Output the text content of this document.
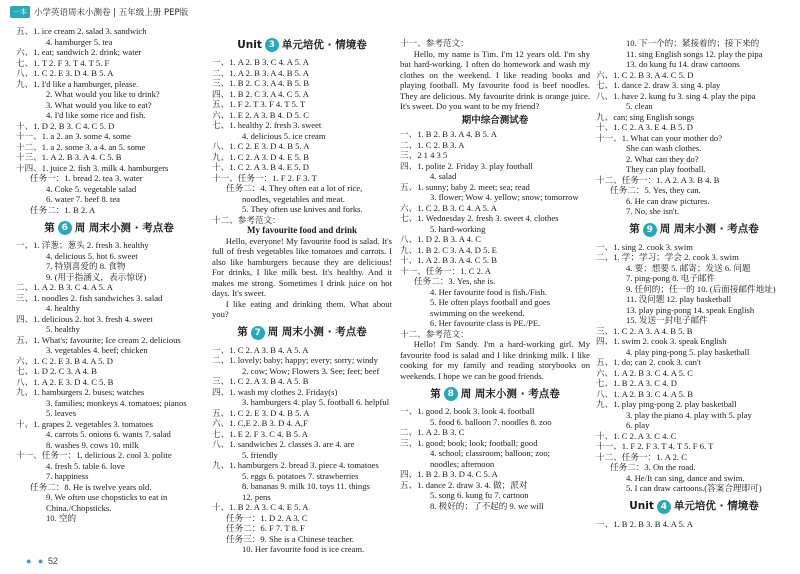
一本 小学英语周末小测卷 | 五年级上册 PEP版
五、1. ice cream 2. salad 3. sandwich
4. hamburger 5. tea
六、1. eat; sandwich 2. drink; water
七、1. T 2. F 3. T 4. T 5. F
八、1. C 2. E 3. D 4. B 5. A
九、1. I'd like a hamburger, please.
2. What would you like to drink?
3. What would you like to eat?
4. I'd like some rice and fish.
十、1. D 2. B 3. C 4. C 5. D
十一、1. a 2. an 3. some 4. some
十二、1. a 2. some 3. a 4. an 5. some
十三、1. A 2. B 3. A 4. C 5. B
十四、1. juice 2. fish 3. milk 4. hamburgers
任务一：1. bread 2. tea 3. water
4. Coke 5. vegetable salad
6. water 7. beef 8. tea
任务二：1. B 2. A
第 6 周 周末小测 · 考点卷
一、1. 洋葱；葱头 2. fresh 3. healthy
4. delicious 5. hot 6. sweet
7. 特别喜爱的 8. 食物
9. (用于指涵义，表示惊讶)
二、1. A 2. B 3. C 4. A 5. A
三、1. noodles 2. fish sandwiches 3. salad
4. healthy
四、1. delicious 2. hot 3. fresh 4. sweet
5. healthy
五、1. What's; favourite; Ice cream 2. delicious
3. vegetables 4. beef; chicken
六、1. C 2. E 3. B 4. A 5. D
七、1. D 2. C 3. A 4. B
八、1. A 2. E 3. D 4. C 5. B
九、1. hamburgers 2. buses; watches
3. families; monkeys 4. tomatoes; pianos
5. leaves
十、1. grapes 2. vegetables 3. tomatoes
4. carrots 5. onions 6. wants 7. salad
8. washes 9. cows 10. milk
十一、任务一：1. delicious 2. cool 3. polite
4. fresh 5. table 6. love
7. happiness
任务二：8. He is twelve years old.
9. We often use chopsticks to eat in
China./Chopsticks.
10. 空的
Unit 3 单元培优 · 情境卷
一、1. A 2. B 3. C 4. A 5. A
二、1. A 2. B 3. A 4. B 5. A
三、1. B 2. C 3. A 4. B 5. B
四、1. B 2. C 3. A 4. C 5. A
五、1. F 2. T 3. F 4. T 5. T
六、1. E 2. A 3. B 4. D 5. C
七、1. healthy 2. fresh 3. sweet
4. delicious 5. ice cream
八、1. C 2. E 3. D 4. B 5. A
九、1. C 2. A 3. D 4. E 5. B
十、1. C 2. A 3. B 4. E 5. D
十一、任务一：1. F 2. F 3. T
任务二：4. They often eat a lot of rice,
noodles, vegetables and meat.
5. They often use knives and forks.
十二、参考范文：
My favourite food and drink
Hello, everyone! My favourite food is salad. It's full of fresh vegetables like tomatoes and carrots. I also like hamburgers because they are delicious! For drinks, I like milk best. It's healthy. And it makes me strong. Sometimes I drink juice on hot days. It's sweet.
I like eating and drinking them. What about you?
第 7 周 周末小测 · 考点卷
一、1. C 2. A 3. B 4. A 5. A
二、1. lovely; baby; happy; every; sorry; windy
2. cow; Wow; Flowers 3. See; feet; beef
三、1. C 2. A 3. B 4. A 5. B
四、1. wash my clothes 2. Friday(s)
3. hamburgers 4. play 5. football 6. helpful
五、1. C 2. E 3. D 4. B 5. A
六、1. C,E 2. B 3. D 4. A,F
七、1. E 2. F 3. C 4. B 5. A
八、1. sandwiches 2. classes 3. are 4. are
5. friendly
九、1. hamburgers 2. bread 3. piece 4. tomatoes
5. eggs 6. potatoes 7. strawberries
8. bananas 9. milk 10. toys 11. things
12. pens
十、1. B 2. A 3. C 4. E 5. A
任务一：1. D 2. A 3. C
任务二：6. F 7. T 8. F
任务三：9. She is a Chinese teacher.
10. Her favourite food is ice cream.
十一、参考范文：
Hello, my name is Tim. I'm 12 years old. I'm shy but hard-working. I often do homework and wash my clothes on the weekend. I like reading books and playing football. My favourite food is beef noodles. They are delicious. My favourite drink is orange juice. It's sweet. Do you want to be my friend?
期中综合测试卷
一、1. B 2. B 3. A 4. B 5. A
二、1. C 2. B 3. A
三、2 1 4 3 5
四、1. polite 2. Friday 3. play football
4. salad
五、1. sunny; baby 2. meet; sea; read
3. flower; Wow 4. yellow; snow; tomorrow
六、1. C 2. B 3. C 4. A 5. A
七、1. Wednesday 2. fresh 3. sweet 4. clothes
5. hard-working
八、1. D 2. B 3. A 4. C
九、1. B 2. C 3. A 4. D 5. E
十、1. A 2. B 3. A 4. C 5. B
十一、任务一：1. C 2. A
任务二：3. Yes, she is.
4. Her favourite food is fish./Fish.
5. He often plays football and goes
swimming on the weekend.
6. Her favourite class is PE./PE.
十二、参考范文：
Hello! I'm Sandy. I'm a hard-working girl. My favourite food is salad and I like drinking milk. I like cooking for my family and reading storybooks on weekends. I hope we can be good friends.
第 8 周 周末小测 · 考点卷
一、1. good 2. book 3. look 4. football
5. food 6. balloon 7. noodles 8. zoo
二、1. A 2. B 3. C
三、1. good; book; look; football; good
4. school; classroom; balloon; zoo;
noodles; afternoon
四、1. B 2. B 3. D 4. C 5. A
五、1. dance 2. draw 3. 4. 做；派对
5. song 6. kung fu 7. cartoon
8. 极好的；了不起的 9. we will
10. 下一个的；紧接着的；接下来的
11. sing English songs 12. play the pipa
13. do kung fu 14. draw cartoons
六、1. C 2. B 3. A 4. C 5. D
七、1. dance 2. draw 3. sing 4. play
八、1. have 2. kung fu 3. sing 4. play the pipa
5. clean
九、can; sing English songs
十、1. C 2. A 3. E 4. B 5. D
十一、1. What can your mother do?
She can wash clothes.
2. What can they do?
They can play football.
十二、任务一：1. A 2. A 3. B 4. B
任务二：5. Yes, they can.
6. He can draw pictures.
7. No, she isn't.
第 9 周 周末小测 · 考点卷
一、1. sing 2. cook 3. swim
二、1. 学；学习；学会 2. cook 3. swim
4. 要；想要 5. 邮寄；发送 6. 问题
7. ping-pong 8. 电子邮件
9. 任何的；任一的 10. (后面接邮件地址)
11. 没问题 12. play basketball
13. play ping-pong 14. speak English
15. 发送一封电子邮件
三、1. C 2. A 3. A 4. B 5. B
四、1. swim 2. cook 3. speak English
4. play ping-pong 5. play basketball
五、1. do; can 2. cook 3. can't
六、1. A 2. B 3. C 4. A 5. C
七、1. B 2. A 3. C 4. D
八、1. A 2. B 3. C 4. A 5. B
九、1. play ping-pong 2. play basketball
3. play the piano 4. play with 5. play
6. play
十、1. C 2. A 3. C 4. C
十一、1. F 2. F 3. T 4. T 5. F 6. T
十二、任务一：1. A 2. C
任务二：3. On the road.
4. He/It can sing, dance and swim.
5. I can draw cartoons.(答案合理即可)
Unit 4 单元培优 · 情境卷
一、1. B 2. B 3. B 4. A 5. A
● ● 52
